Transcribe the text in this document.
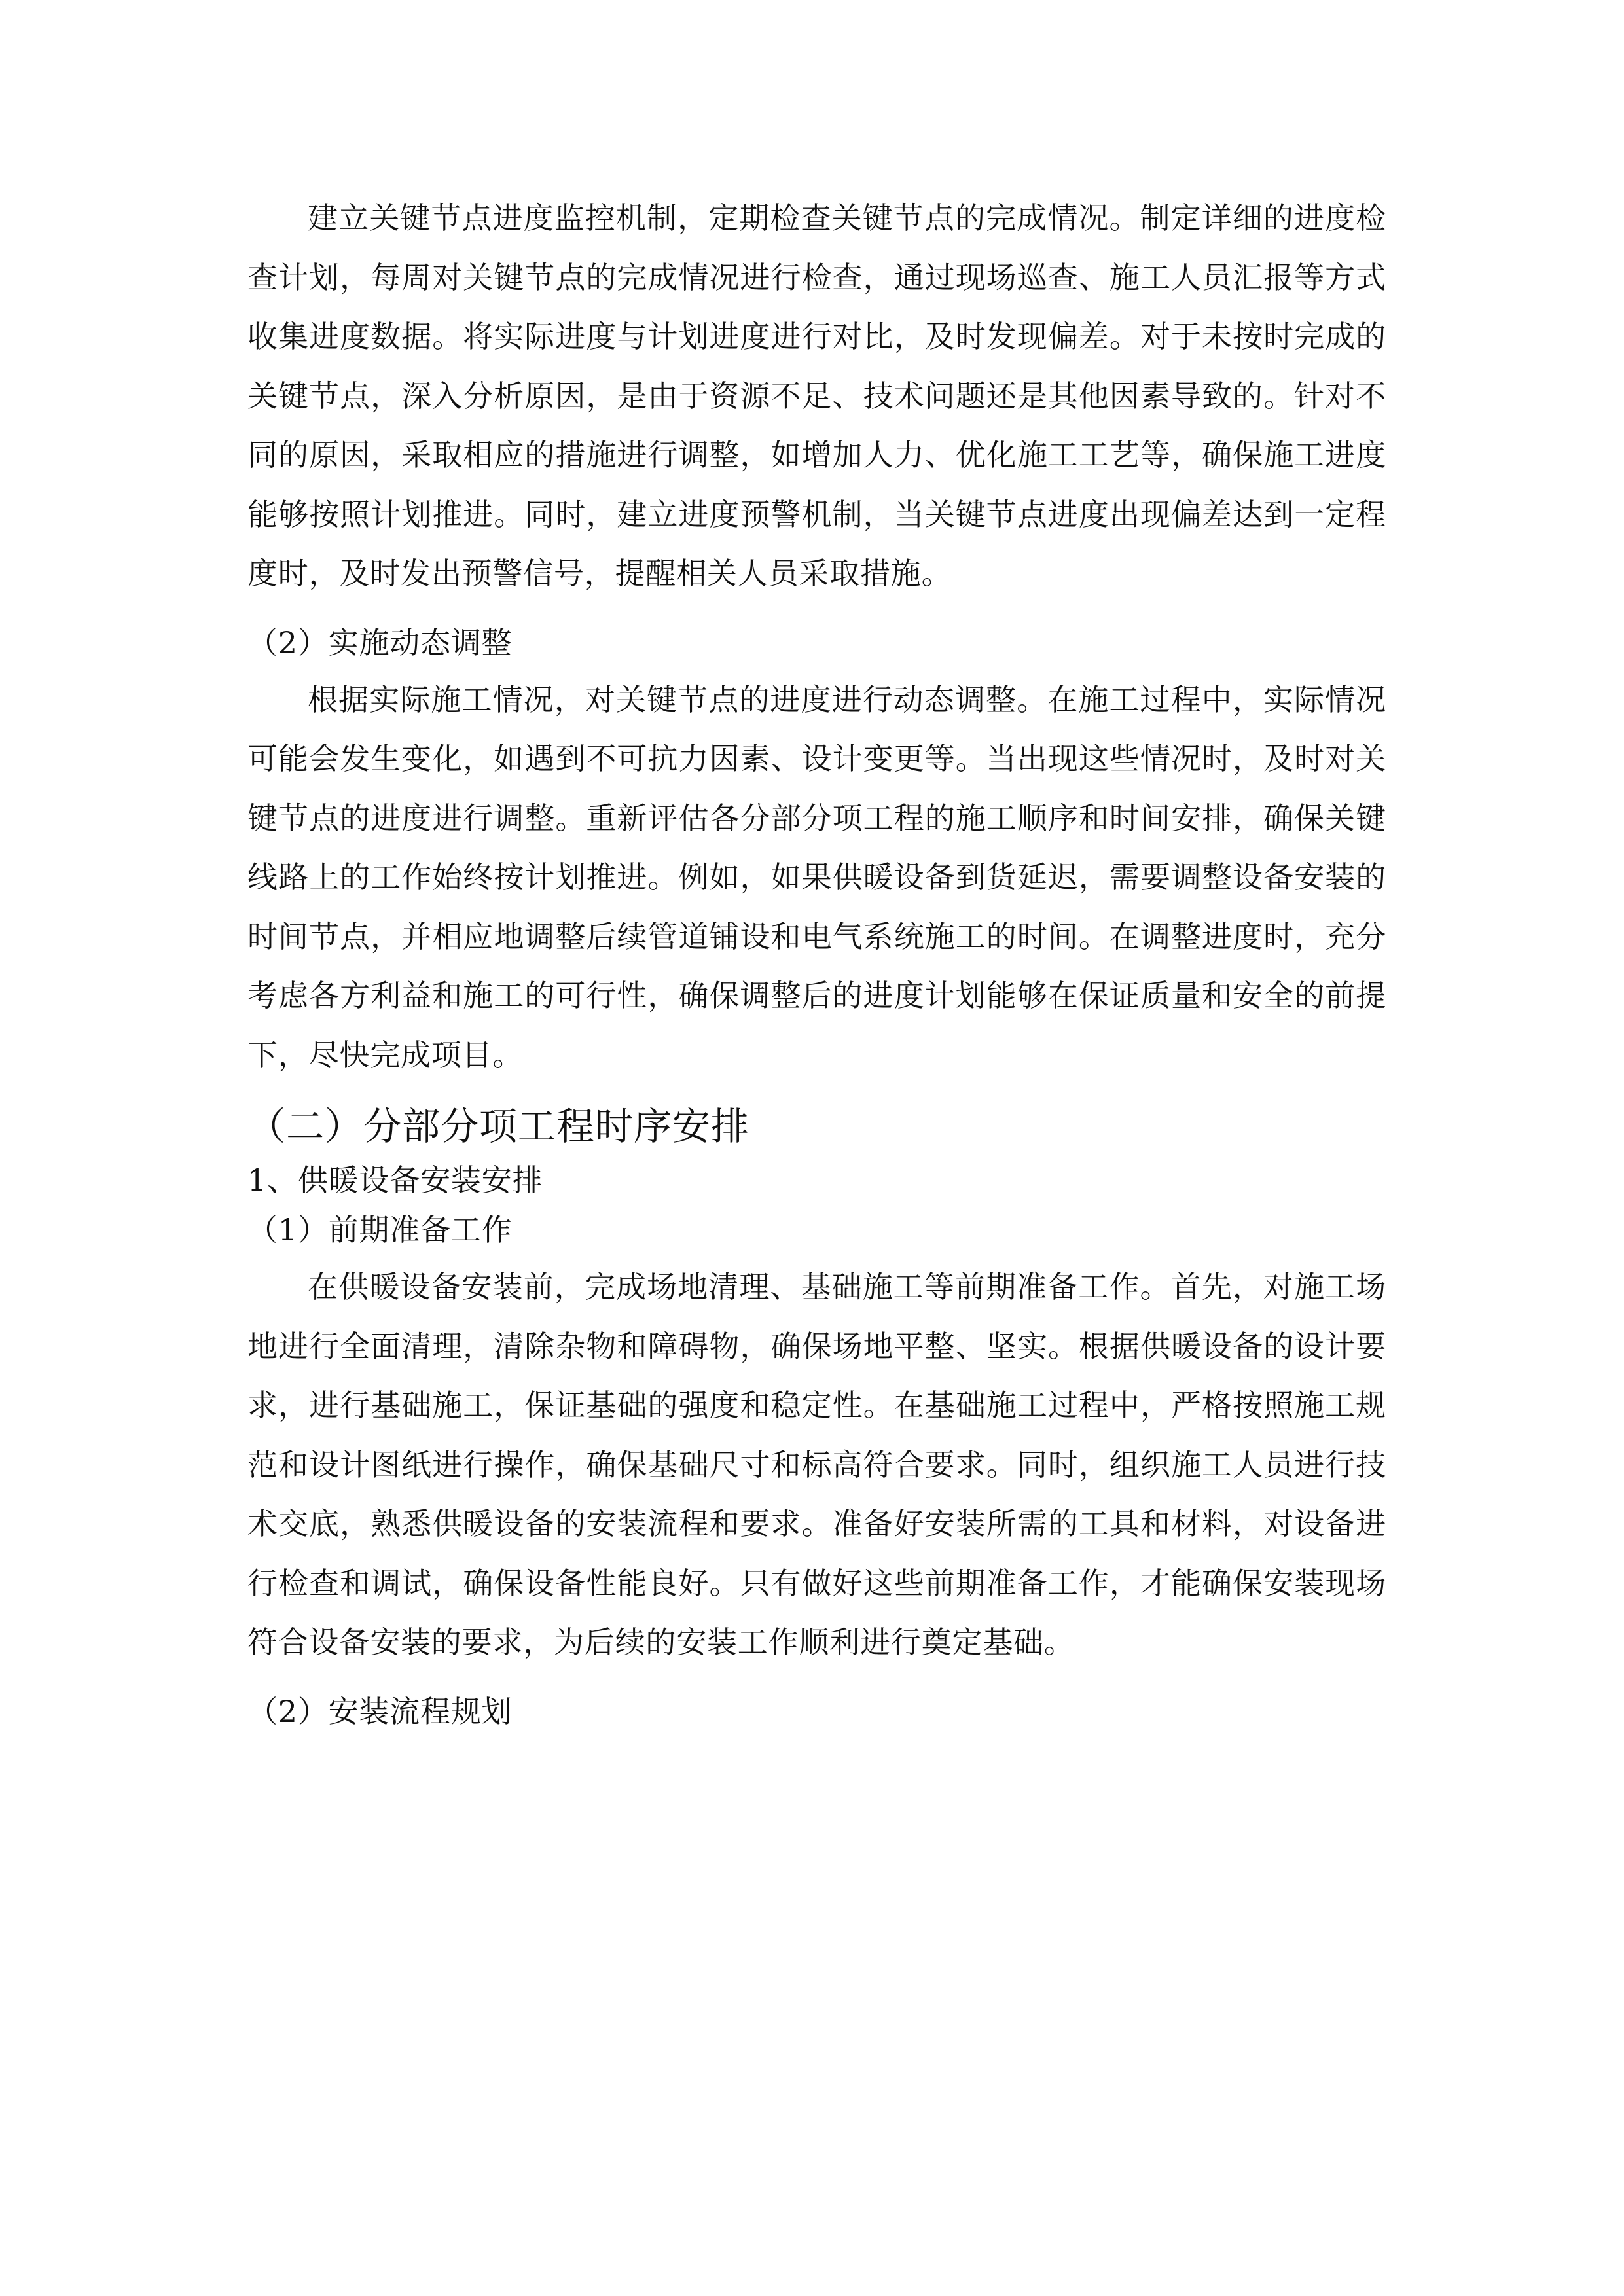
建立关键节点进度监控机制，定期检查关键节点的完成情况。制定详细的进度检查计划，每周对关键节点的完成情况进行检查，通过现场巡查、施工人员汇报等方式收集进度数据。将实际进度与计划进度进行对比，及时发现偏差。对于未按时完成的关键节点，深入分析原因，是由于资源不足、技术问题还是其他因素导致的。针对不同的原因，采取相应的措施进行调整，如增加人力、优化施工工艺等，确保施工进度能够按照计划推进。同时，建立进度预警机制，当关键节点进度出现偏差达到一定程度时，及时发出预警信号，提醒相关人员采取措施。

（2）实施动态调整

根据实际施工情况，对关键节点的进度进行动态调整。在施工过程中，实际情况可能会发生变化，如遇到不可抗力因素、设计变更等。当出现这些情况时，及时对关键节点的进度进行调整。重新评估各分部分项工程的施工顺序和时间安排，确保关键线路上的工作始终按计划推进。例如，如果供暖设备到货延迟，需要调整设备安装的时间节点，并相应地调整后续管道铺设和电气系统施工的时间。在调整进度时，充分考虑各方利益和施工的可行性，确保调整后的进度计划能够在保证质量和安全的前提下，尽快完成项目。

（二）分部分项工程时序安排

1、供暖设备安装安排

（1）前期准备工作

在供暖设备安装前，完成场地清理、基础施工等前期准备工作。首先，对施工场地进行全面清理，清除杂物和障碍物，确保场地平整、坚实。根据供暖设备的设计要求，进行基础施工，保证基础的强度和稳定性。在基础施工过程中，严格按照施工规范和设计图纸进行操作，确保基础尺寸和标高符合要求。同时，组织施工人员进行技术交底，熟悉供暖设备的安装流程和要求。准备好安装所需的工具和材料，对设备进行检查和调试，确保设备性能良好。只有做好这些前期准备工作，才能确保安装现场符合设备安装的要求，为后续的安装工作顺利进行奠定基础。

（2）安装流程规划
